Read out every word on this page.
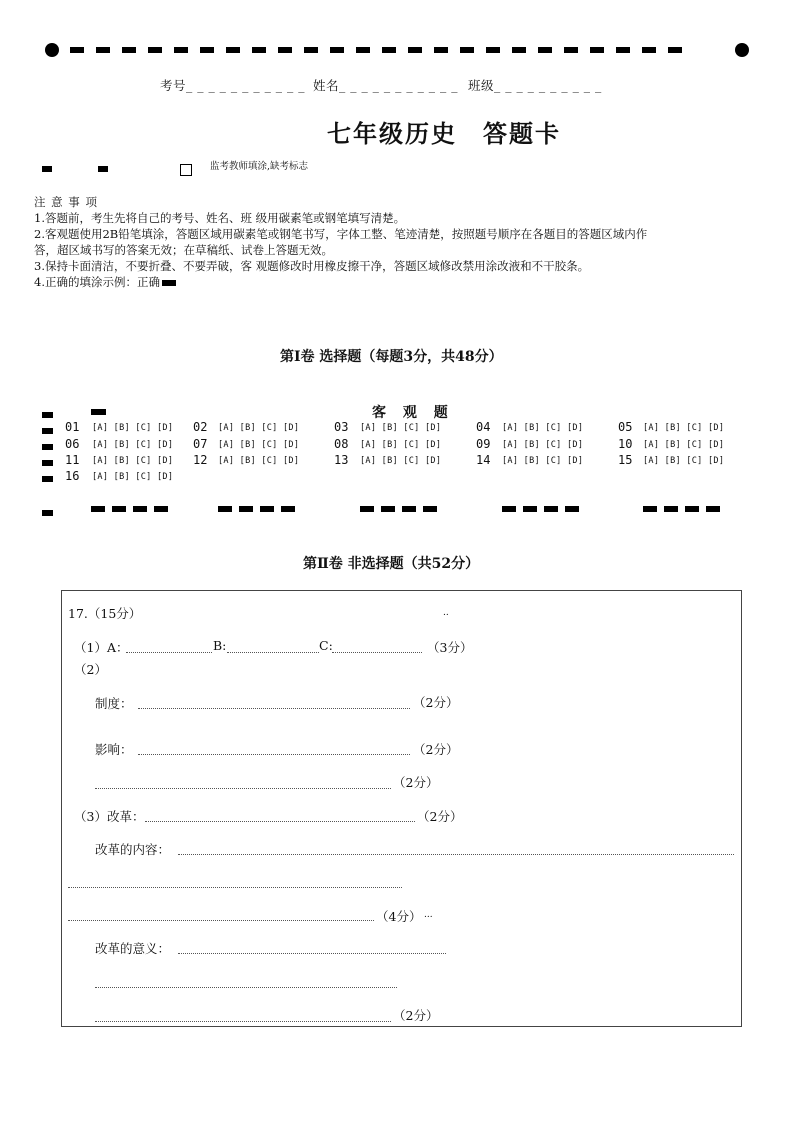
考号_ _ _ _ _ _ _ _ _ _ _ 姓名_ _ _ _ _ _ _ _ _ _ _ 班级_ _ _ _ _ _ _ _ _ _
七年级历史　答题卡
监考教师填涂,缺考标志
注 意 事 项
1.答题前，考生先将自己的考号、姓名、班 级用碳素笔或钢笔填写清楚。
2.客观题使用2B铅笔填涂，答题区域用碳素笔或钢笔书写，字体工整、笔迹清楚，按照题号顺序在各题目的答题区域内作
答，超区域书写的答案无效；在草稿纸、试卷上答题无效。
3.保持卡面清洁，不要折叠、不要弄破，客 观题修改时用橡皮擦干净，答题区域修改禁用涂改液和不干胶条。
4.正确的填涂示例：正确
第I卷 选择题（每题3分，共48分）
客 观 题
01 [A] [B] [C] [D] 02 [A] [B] [C] [D]	03 [A] [B] [C] [D]	04 [A] [B] [C] [D]	05 [A] [B] [C] [D]
06 [A] [B] [C] [D] 07 [A] [B] [C] [D]	08 [A] [B] [C] [D]	09 [A] [B] [C] [D]	10 [A] [B] [C] [D]
11 [A] [B] [C] [D] 12 [A] [B] [C] [D]	13 [A] [B] [C] [D]	14 [A] [B] [C] [D]	15 [A] [B] [C] [D]
16 [A] [B] [C] [D]
第Ⅱ卷 非选择题（共52分）
17.（15分）	..
（1）A：	B:	C:	（3分）
（2）
制度：	（2分）
影响：	（2分）
（2分）
（3）改革：	（2分）
改革的内容：
（4分） ...
改革的意义：
（2分）
